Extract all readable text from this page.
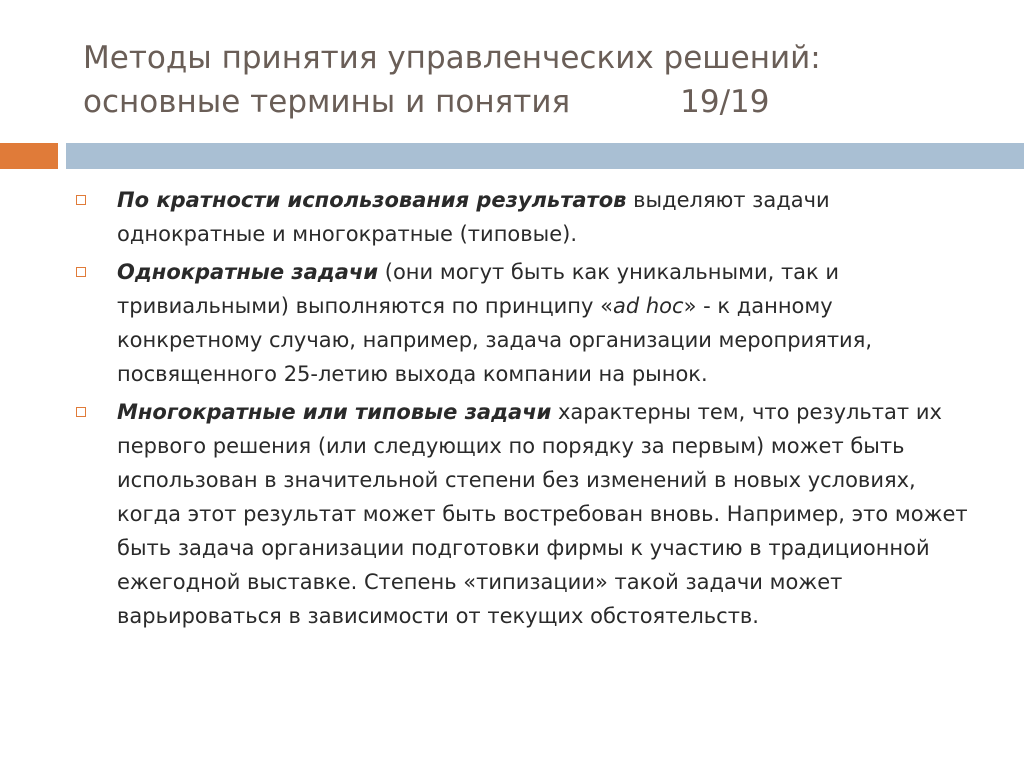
Методы принятия управленческих решений:
основные термины и понятия	19/19
По кратности использования результатов выделяют задачи однократные и многократные (типовые).
Однократные задачи (они могут быть как уникальными, так и тривиальными) выполняются по принципу «ad hoc» - к данному конкретному случаю, например, задача организации мероприятия, посвященного 25-летию выхода компании на рынок.
Многократные или типовые задачи характерны тем, что результат их первого решения (или следующих по порядку за первым) может быть использован в значительной степени без изменений в новых условиях, когда этот результат может быть востребован вновь. Например, это может быть задача организации подготовки фирмы к участию в традиционной ежегодной выставке. Степень «типизации» такой задачи может варьироваться в зависимости от текущих обстоятельств.
